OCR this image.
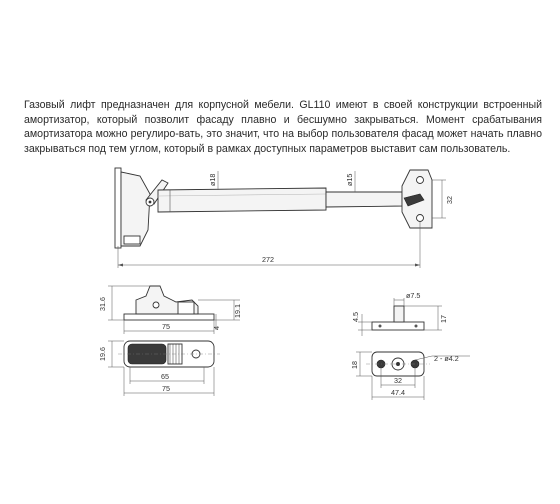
Газовый лифт предназначен для корпусной мебели. GL110 имеют в своей конструкции встроенный амортизатор, который позволит фасаду плавно и бесшумно закрываться. Момент срабатывания амортизатора можно регулиро-вать, это значит, что на выбор пользователя фасад может начать плавно закрываться под тем углом, который в рамках доступных параметров выставит сам пользователь.

ø18	ø15
32
272
31.6	19.1
4
75
19.6
65
75
ø7.5
4.5	17
18
2 - ø4.2
32
47.4
